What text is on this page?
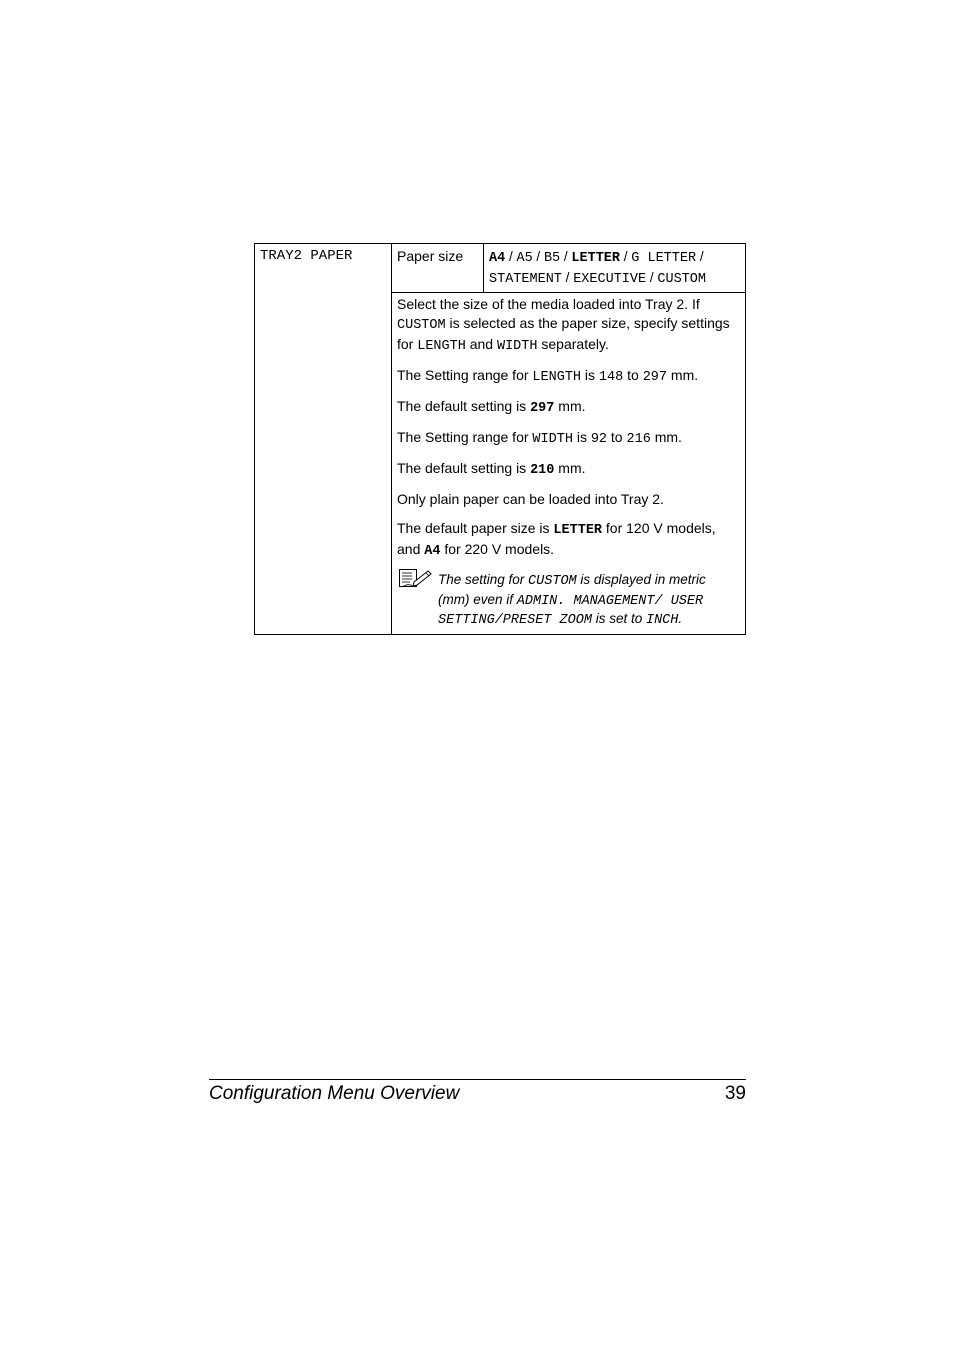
TRAY2 PAPER	Paper size	A4 / A5 / B5 / LETTER / G LETTER / STATEMENT / EXECUTIVE / CUSTOM

Select the size of the media loaded into Tray 2. If CUSTOM is selected as the paper size, specify settings for LENGTH and WIDTH separately.

The Setting range for LENGTH is 148 to 297 mm.

The default setting is 297 mm.

The Setting range for WIDTH is 92 to 216 mm.

The default setting is 210 mm.

Only plain paper can be loaded into Tray 2.

The default paper size is LETTER for 120 V models, and A4 for 220 V models.

The setting for CUSTOM is displayed in metric (mm) even if ADMIN. MANAGEMENT/ USER SETTING/PRESET ZOOM is set to INCH.
Configuration Menu Overview	39
